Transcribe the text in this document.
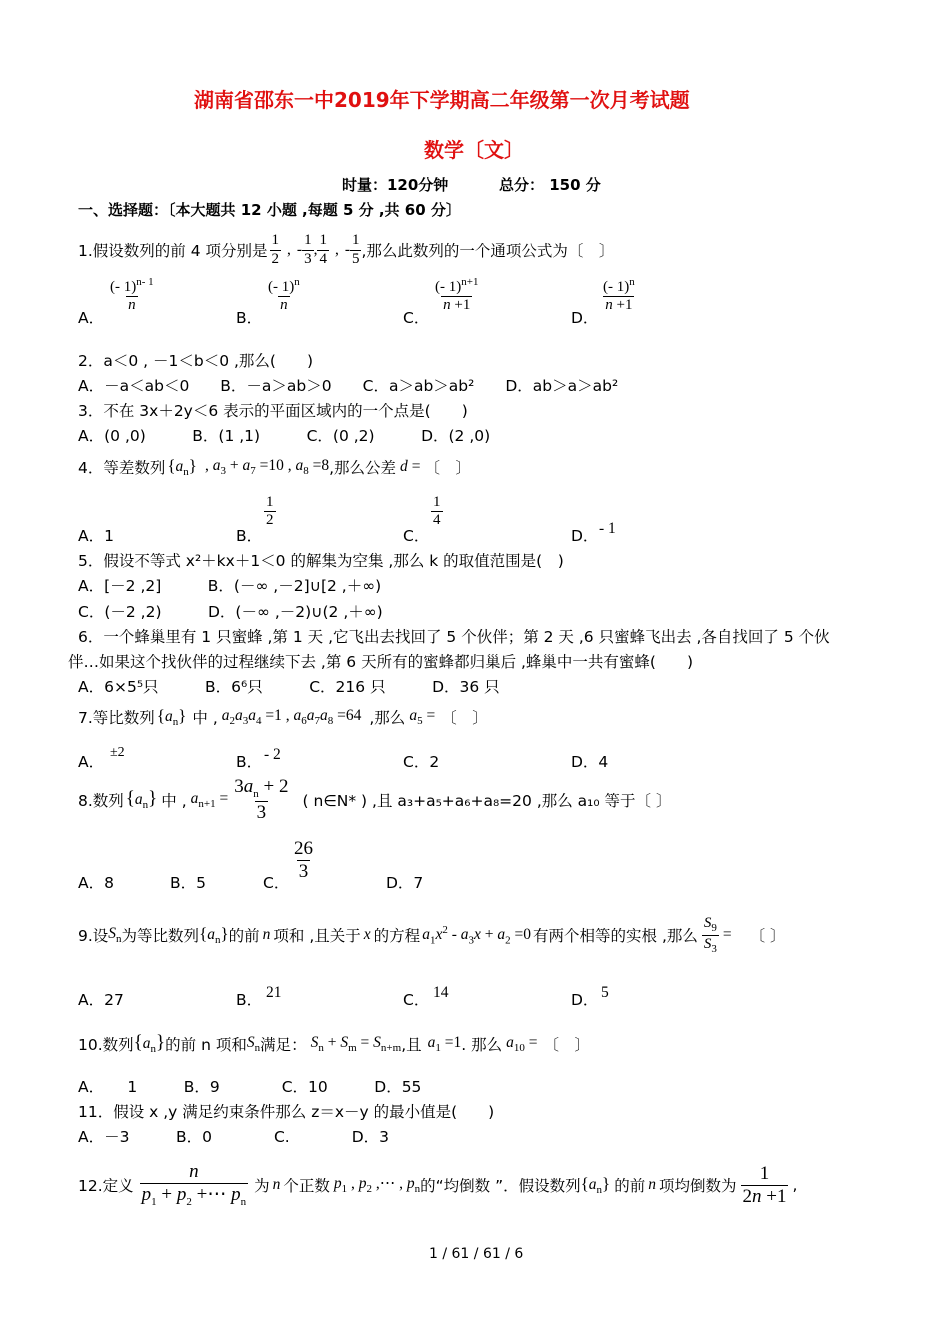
湖南省邵东一中2019年下学期高二年级第一次月考试题
数学〔文〕
时量：120分钟	总分： 150 分
一、选择题：〔本大题共 12 小题 ,每题 5 分 ,共 60 分〕
1.假设数列的前 4 项分别是 $\frac{1}{2}$ , - $\frac{1}{3}$ , $\frac{1}{4}$ , - $\frac{1}{5}$ ,那么此数列的一个通项公式为〔　〕
A．
$\frac{(- 1)^{n- 1}}{n}$
B．
$\frac{(- 1)^n}{n}$
C．
$\frac{(- 1)^{n+1}}{n +1}$
D．
$\frac{(- 1)^n}{n +1}$
2．a＜0 , －1＜b＜0 ,那么(　　)
A．－a＜ab＜0　　B．－a＞ab＞0　　C．a＞ab＞ab²　　D．ab＞a＞ab²
3．不在 3x＋2y＜6 表示的平面区域内的一个点是(　　)
A．(0 ,0)　　　B．(1 ,1)　　　C．(0 ,2)　　　D．(2 ,0)
4．等差数列 $\{a_n\}$ , $a_3 + a_7 =10$ , $a_8 =8$ ,那么公差 d = 〔　〕
A．1	B．
$\frac{1}{2}$
C．
$\frac{1}{4}$
D． - 1
5．假设不等式 x²＋kx＋1＜0 的解集为空集 ,那么 k 的取值范围是(　)
A．[－2 ,2]　　　B．(－∞ ,－2]∪[2 ,＋∞)
C．(－2 ,2)　　　D．(－∞ ,－2)∪(2 ,＋∞)
6．一个蜂巢里有 1 只蜜蜂 ,第 1 天 ,它飞出去找回了 5 个伙伴；第 2 天 ,6 只蜜蜂飞出去 ,各自找回了 5 个伙
伴…如果这个找伙伴的过程继续下去 ,第 6 天所有的蜜蜂都归巢后 ,蜂巢中一共有蜜蜂(　　)
A．6×5⁵只　　　B．6⁶只　　　C．216 只　　　D．36 只
7.等比数列 $\{a_n\}$ 中 , $a_2a_3a_4 =1$ , $a_6a_7a_8 =64$ ,那么 $a_5$ = 〔　〕
A．
±2
B． - 2	C．2	D．4
8.数列 $\{a_n\}$ 中 , $a_{n+1} = \frac{3a_n + 2}{3}$ ( n∈N* ) ,且 a₃+a₅+a₆+a₈=20 ,那么 a₁₀ 等于〔 〕
A．8	B．5	C．
$\frac{26}{3}$
D．7
9.设 $S_n$ 为等比数列 $\{a_n\}$ 的前 n 项和 ,且关于 x 的方程 $a_1x^2 - a_3x + a_2 =0$ 有两个相等的实根 ,那么 $\frac{S_9}{S_3}$ = 〔 〕
A．27	B． 21	C． 14	D． 5
10.数列 $\{a_n\}$ 的前 n 项和 $S_n$ 满足： $S_n + S_m = S_{n+m}$ ,且 $a_1 =1$ . 那么 $a_{10}$ = 〔　〕
A．　　1　　　B．9　　　　C．10　　　D．55
11．假设 x ,y 满足约束条件那么 z＝x－y 的最小值是(　　)
A．－3　　　B．0　　　　C.　　　　D．3
12.定义 $\frac{n}{p_1 + p_2 +\cdots p_n}$ 为 n 个正数 $p_1$ , $p_2$ ,⋯ , $p_n$ 的“均倒数 ”．假设数列 $\{a_n\}$ 的前 n 项均倒数为 $\frac{1}{2n +1}$ ,
1 / 61 / 61 / 6
